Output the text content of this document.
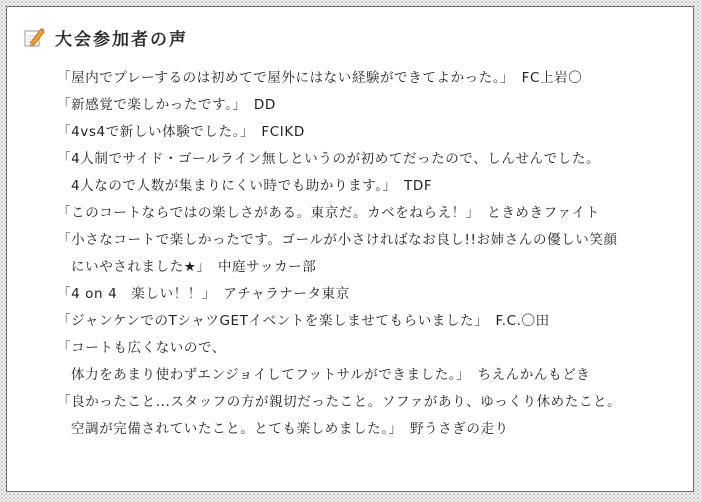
大会参加者の声
「屋内でプレーするのは初めてで屋外にはない経験ができてよかった。」　FC上岩〇
「新感覚で楽しかったです。」　DD
「4vs4で新しい体験でした。」　FCIKD
「4人制でサイド・ゴールライン無しというのが初めてだったので、しんせんでした。
4人なので人数が集まりにくい時でも助かります。」　TDF
「このコートならではの楽しさがある。東京だ。カベをねらえ！」　ときめきファイト
「小さなコートで楽しかったです。ゴールが小さければなお良し!!お姉さんの優しい笑顔
にいやされました★」　中庭サッカー部
「4 on 4　楽しい！！」　アチャラナータ東京
「ジャンケンでのTシャツGETイベントを楽しませてもらいました」　F.C.〇田
「コートも広くないので、
体力をあまり使わずエンジョイしてフットサルができました。」　ちえんかんもどき
「良かったこと...スタッフの方が親切だったこと。ソファがあり、ゆっくり休めたこと。
空調が完備されていたこと。とても楽しめました。」　野うさぎの走り
